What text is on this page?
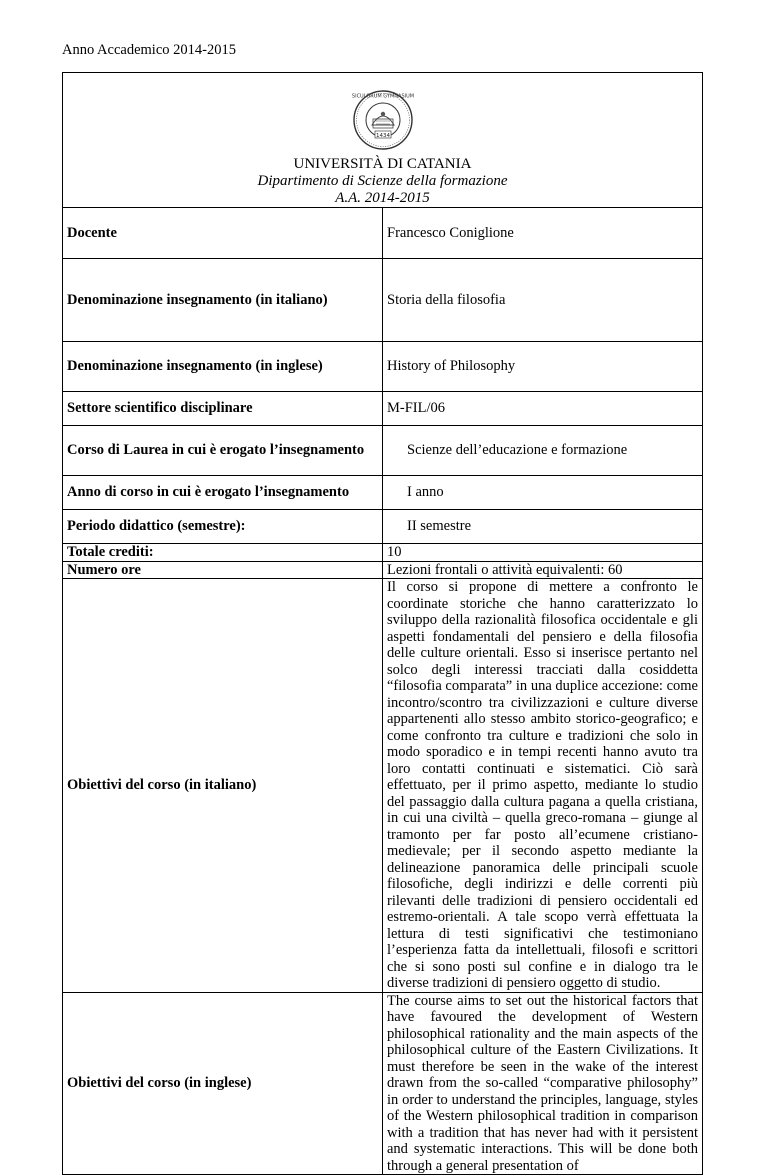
Anno Accademico 2014-2015
SICULORUM GYMNASIUM
1434
UNIVERSITÀ DI CATANIA
Dipartimento di Scienze della formazione
A.A. 2014-2015	

Docente	Francesco Coniglione
Denominazione insegnamento (in italiano)	Storia della filosofia
Denominazione insegnamento (in inglese)	History of Philosophy
Settore scientifico disciplinare	M-FIL/06
Corso di Laurea in cui è erogato l’insegnamento	Scienze dell’educazione e formazione
Anno di corso in cui è erogato l’insegnamento	I anno
Periodo didattico (semestre):	II semestre
Totale crediti:	10
Numero ore	Lezioni frontali o attività equivalenti: 60
Obiettivi del corso (in italiano)	Il corso si propone di mettere a confronto le coordinate storiche che hanno caratterizzato lo sviluppo della razionalità filosofica occidentale e gli aspetti fondamentali del pensiero e della filosofia delle culture orientali. Esso si inserisce pertanto nel solco degli interessi tracciati dalla cosiddetta “filosofia comparata” in una duplice accezione: come incontro/scontro tra civilizzazioni e culture diverse appartenenti allo stesso ambito storico-geografico; e come confronto tra culture e tradizioni che solo in modo sporadico e in tempi recenti hanno avuto tra loro contatti continuati e sistematici. Ciò sarà effettuato, per il primo aspetto, mediante lo studio del passaggio dalla cultura pagana a quella cristiana, in cui una civiltà – quella greco-romana – giunge al tramonto per far posto all’ecumene cristiano-medievale; per il secondo aspetto mediante la delineazione panoramica delle principali scuole filosofiche, degli indirizzi e delle correnti più rilevanti delle tradizioni di pensiero occidentali ed estremo-orientali. A tale scopo verrà effettuata la lettura di testi significativi che testimoniano l’esperienza fatta da intellettuali, filosofi e scrittori che si sono posti sul confine e in dialogo tra le diverse tradizioni di pensiero oggetto di studio.
Obiettivi del corso (in inglese)	The course aims to set out the historical factors that have favoured the development of Western philosophical rationality and the main aspects of the philosophical culture of the Eastern Civilizations. It must therefore be seen in the wake of the interest drawn from the so-called “comparative philosophy” in order to understand the principles, language, styles of the Western philosophical tradition in comparison with a tradition that has never had with it persistent and systematic interactions. This will be done both through a general presentation of
